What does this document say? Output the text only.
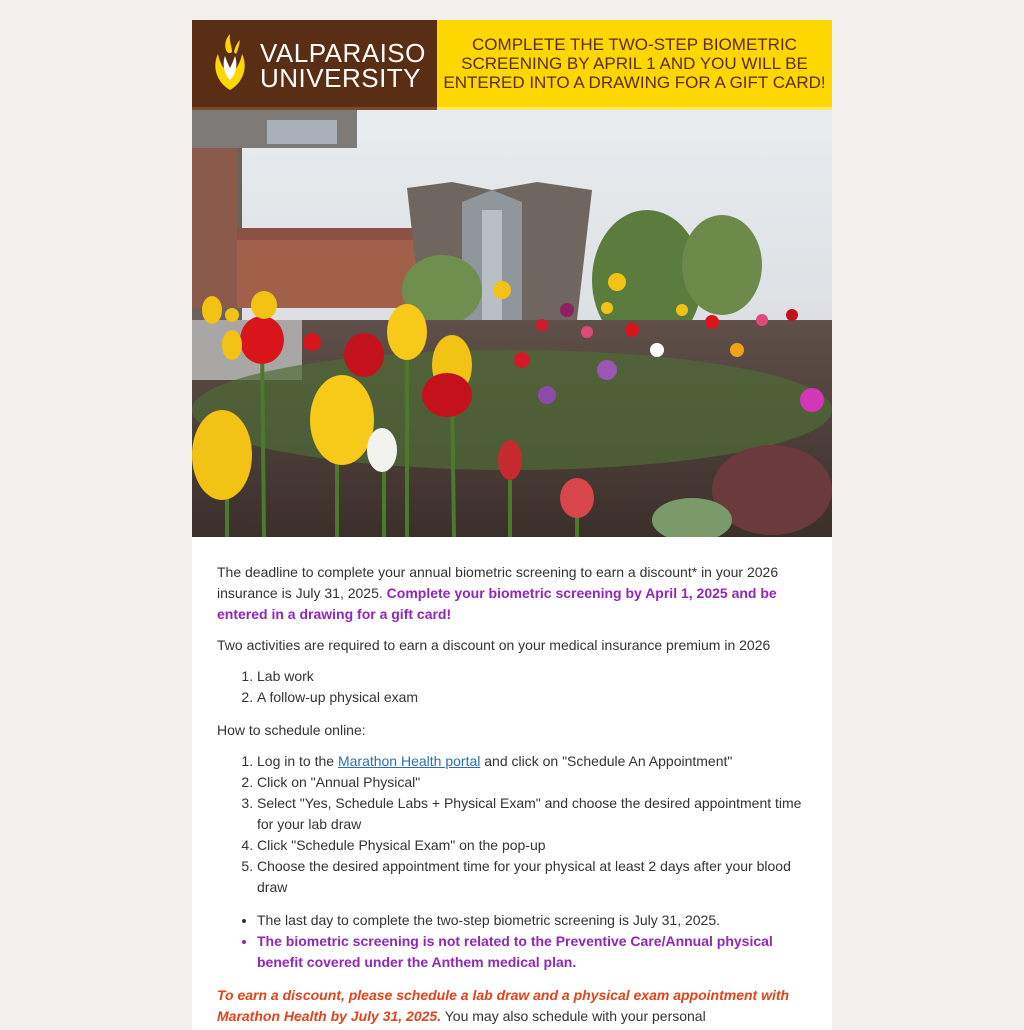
VALPARAISO
UNIVERSITY
COMPLETE THE TWO-STEP BIOMETRIC SCREENING BY APRIL 1 AND YOU WILL BE ENTERED INTO A DRAWING FOR A GIFT CARD!

The deadline to complete your annual biometric screening to earn a discount* in your 2026 insurance is July 31, 2025. Complete your biometric screening by April 1, 2025 and be entered in a drawing for a gift card!

Two activities are required to earn a discount on your medical insurance premium in 2026

1. Lab work
2. A follow-up physical exam

How to schedule online:

1. Log in to the Marathon Health portal and click on "Schedule An Appointment"
2. Click on "Annual Physical"
3. Select "Yes, Schedule Labs + Physical Exam" and choose the desired appointment time for your lab draw
4. Click "Schedule Physical Exam" on the pop-up
5. Choose the desired appointment time for your physical at least 2 days after your blood draw
• The last day to complete the two-step biometric screening is July 31, 2025.
• The biometric screening is not related to the Preventive Care/Annual physical benefit covered under the Anthem medical plan.

To earn a discount, please schedule a lab draw and a physical exam appointment with Marathon Health by July 31, 2025. You may also schedule with your personal
